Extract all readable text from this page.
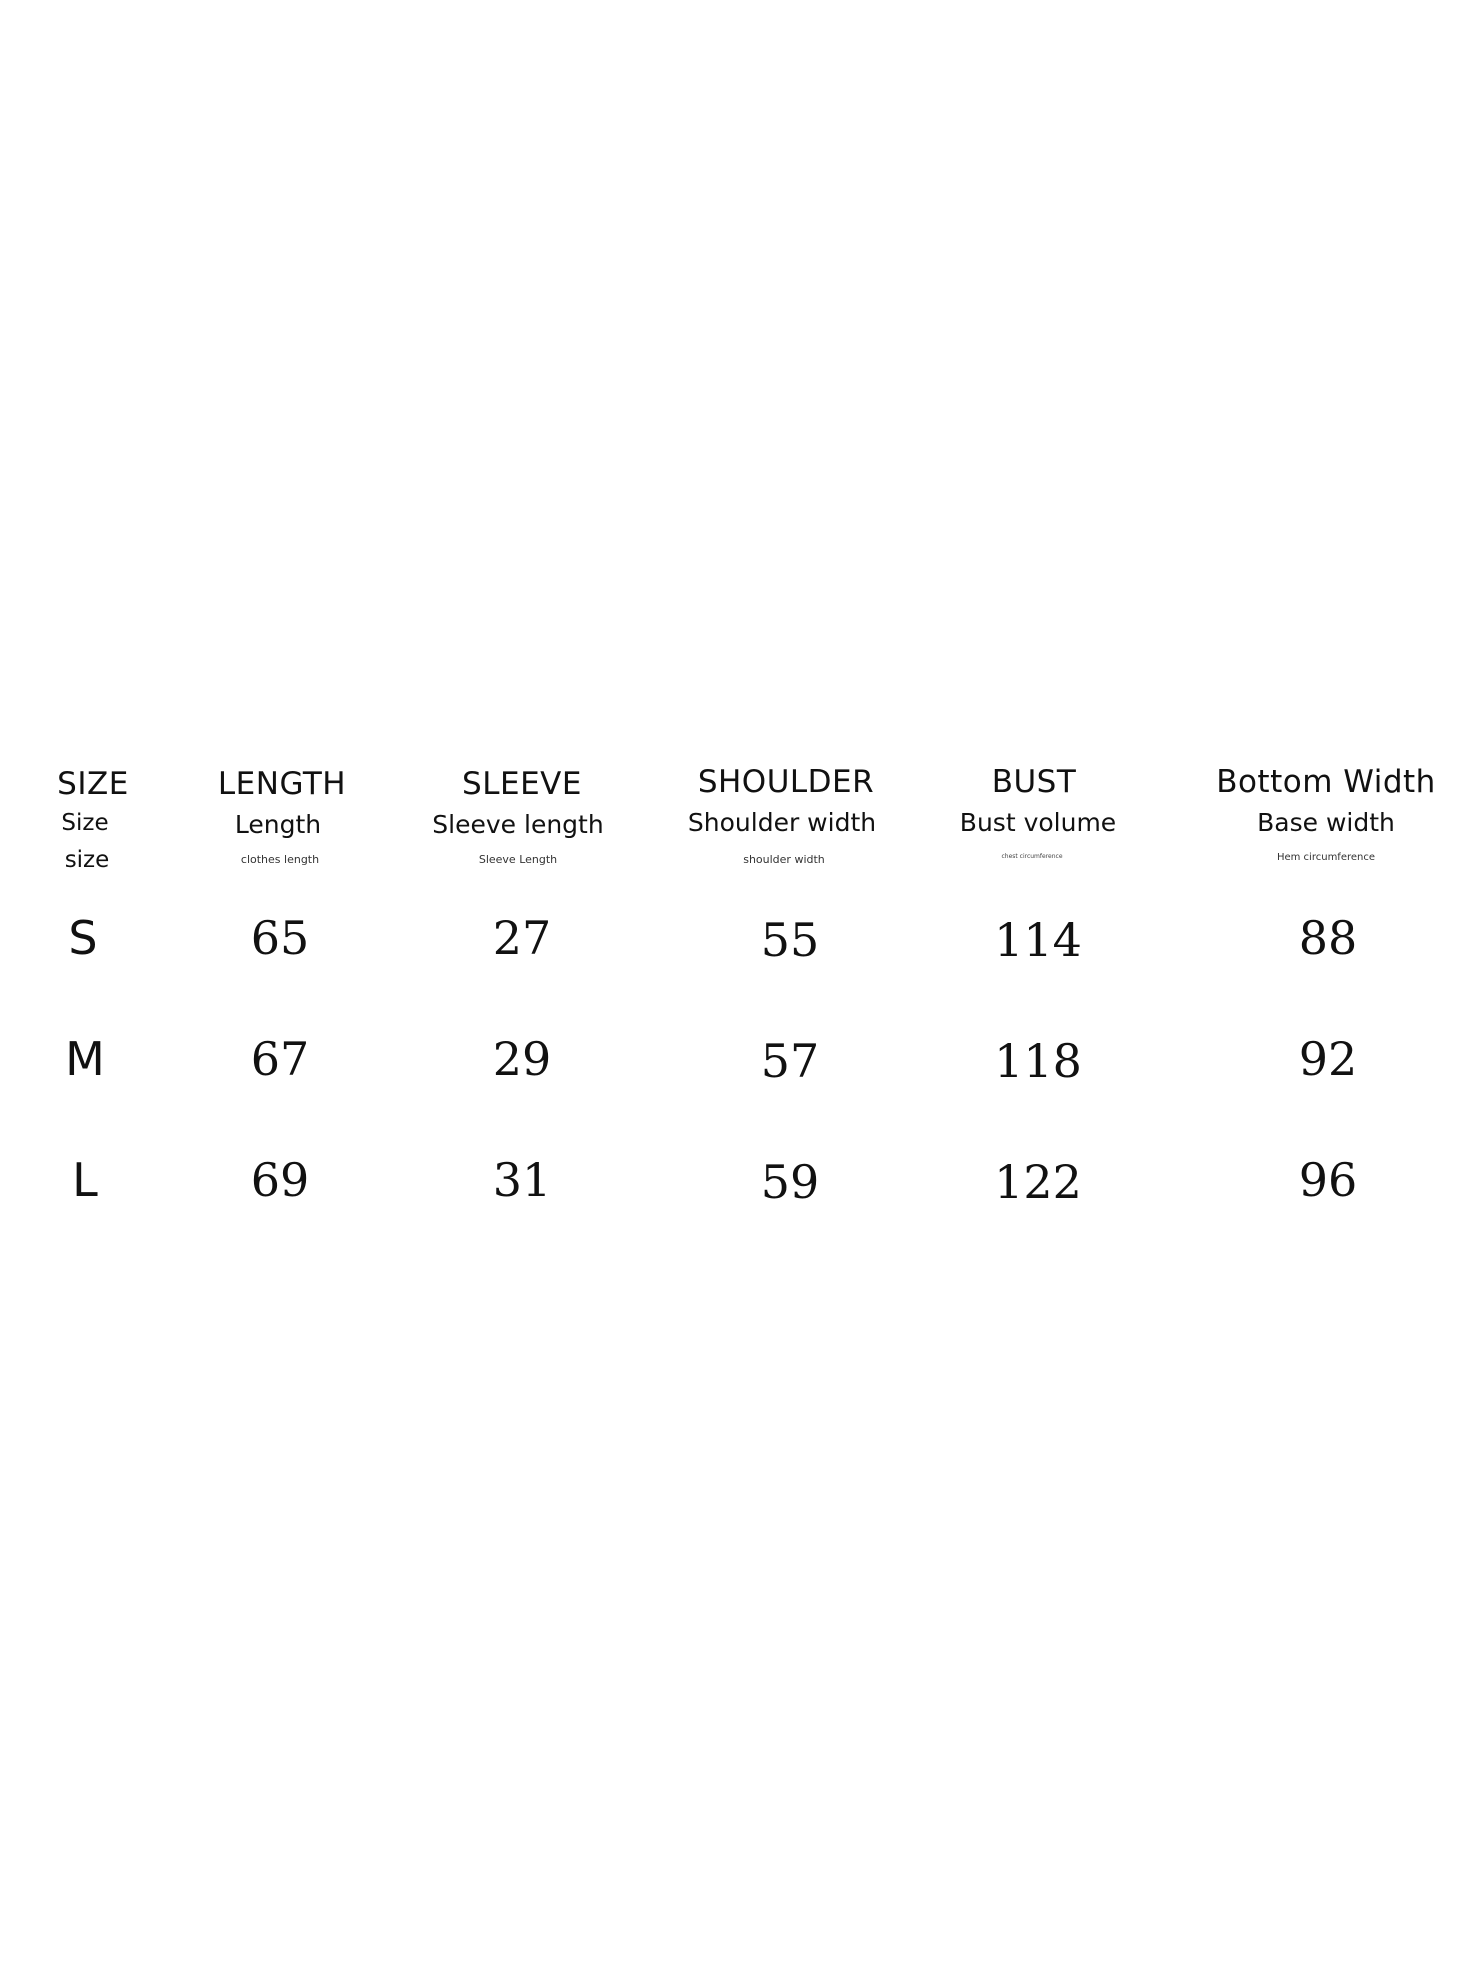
SIZE
Size
size
S
M
L
LENGTH
Length
clothes length
65
67
69
SLEEVE
Sleeve length
Sleeve Length
27
29
31
SHOULDER
Shoulder width
shoulder width
55
57
59
BUST
Bust volume
chest circumference
114
118
122
Bottom Width
Base width
Hem circumference
88
92
96
